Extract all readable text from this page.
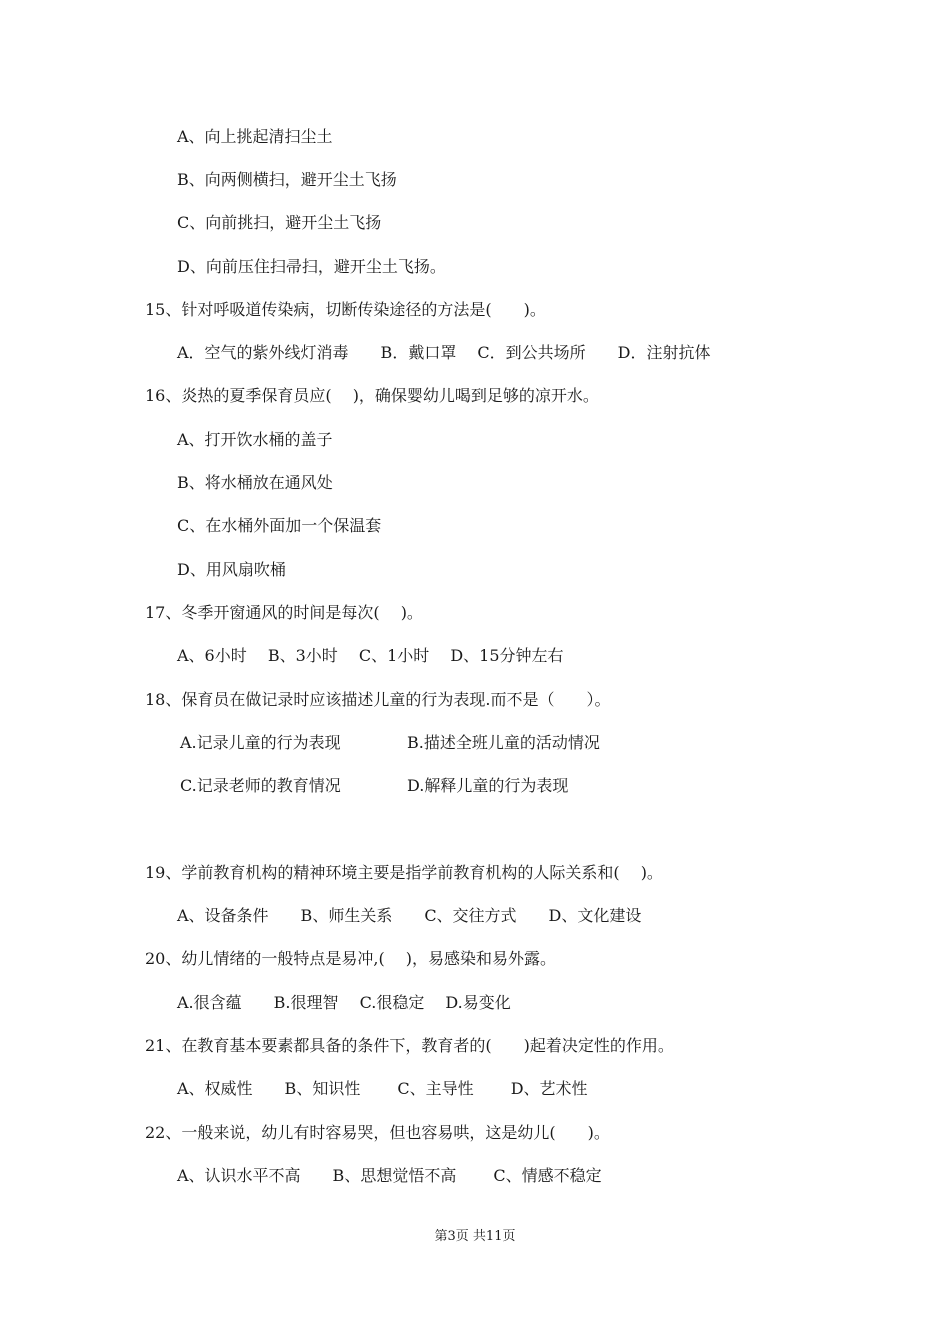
A、向上挑起清扫尘土
B、向两侧横扫，避开尘土飞扬
C、向前挑扫，避开尘土飞扬
D、向前压住扫帚扫，避开尘土飞扬。
15、针对呼吸道传染病，切断传染途径的方法是(　　)。
A．空气的紫外线灯消毒　　B．戴口罩　 C．到公共场所　　D．注射抗体
16、炎热的夏季保育员应(　 )，确保婴幼儿喝到足够的凉开水。
A、打开饮水桶的盖子
B、将水桶放在通风处
C、在水桶外面加一个保温套
D、用风扇吹桶
17、冬季开窗通风的时间是每次(　 )。
A、6小时　 B、3小时　 C、1小时　 D、15分钟左右
18、保育员在做记录时应该描述儿童的行为表现.而不是（　　）。
A.记录儿童的行为表现	B.描述全班儿童的活动情况
C.记录老师的教育情况	D.解释儿童的行为表现
19、学前教育机构的精神环境主要是指学前教育机构的人际关系和(　 )。
A、设备条件　　B、师生关系　　C、交往方式　　D、文化建设
20、幼儿情绪的一般特点是易冲,(　 )，易感染和易外露。
A.很含蕴　　B.很理智　 C.很稳定　 D.易变化
21、在教育基本要素都具备的条件下，教育者的(　　)起着决定性的作用。
A、权威性　　B、知识性　　 C、主导性　　 D、艺术性
22、一般来说，幼儿有时容易哭，但也容易哄，这是幼儿(　　)。
A、认识水平不高　　B、思想觉悟不高　　 C、情感不稳定
第3页 共11页
